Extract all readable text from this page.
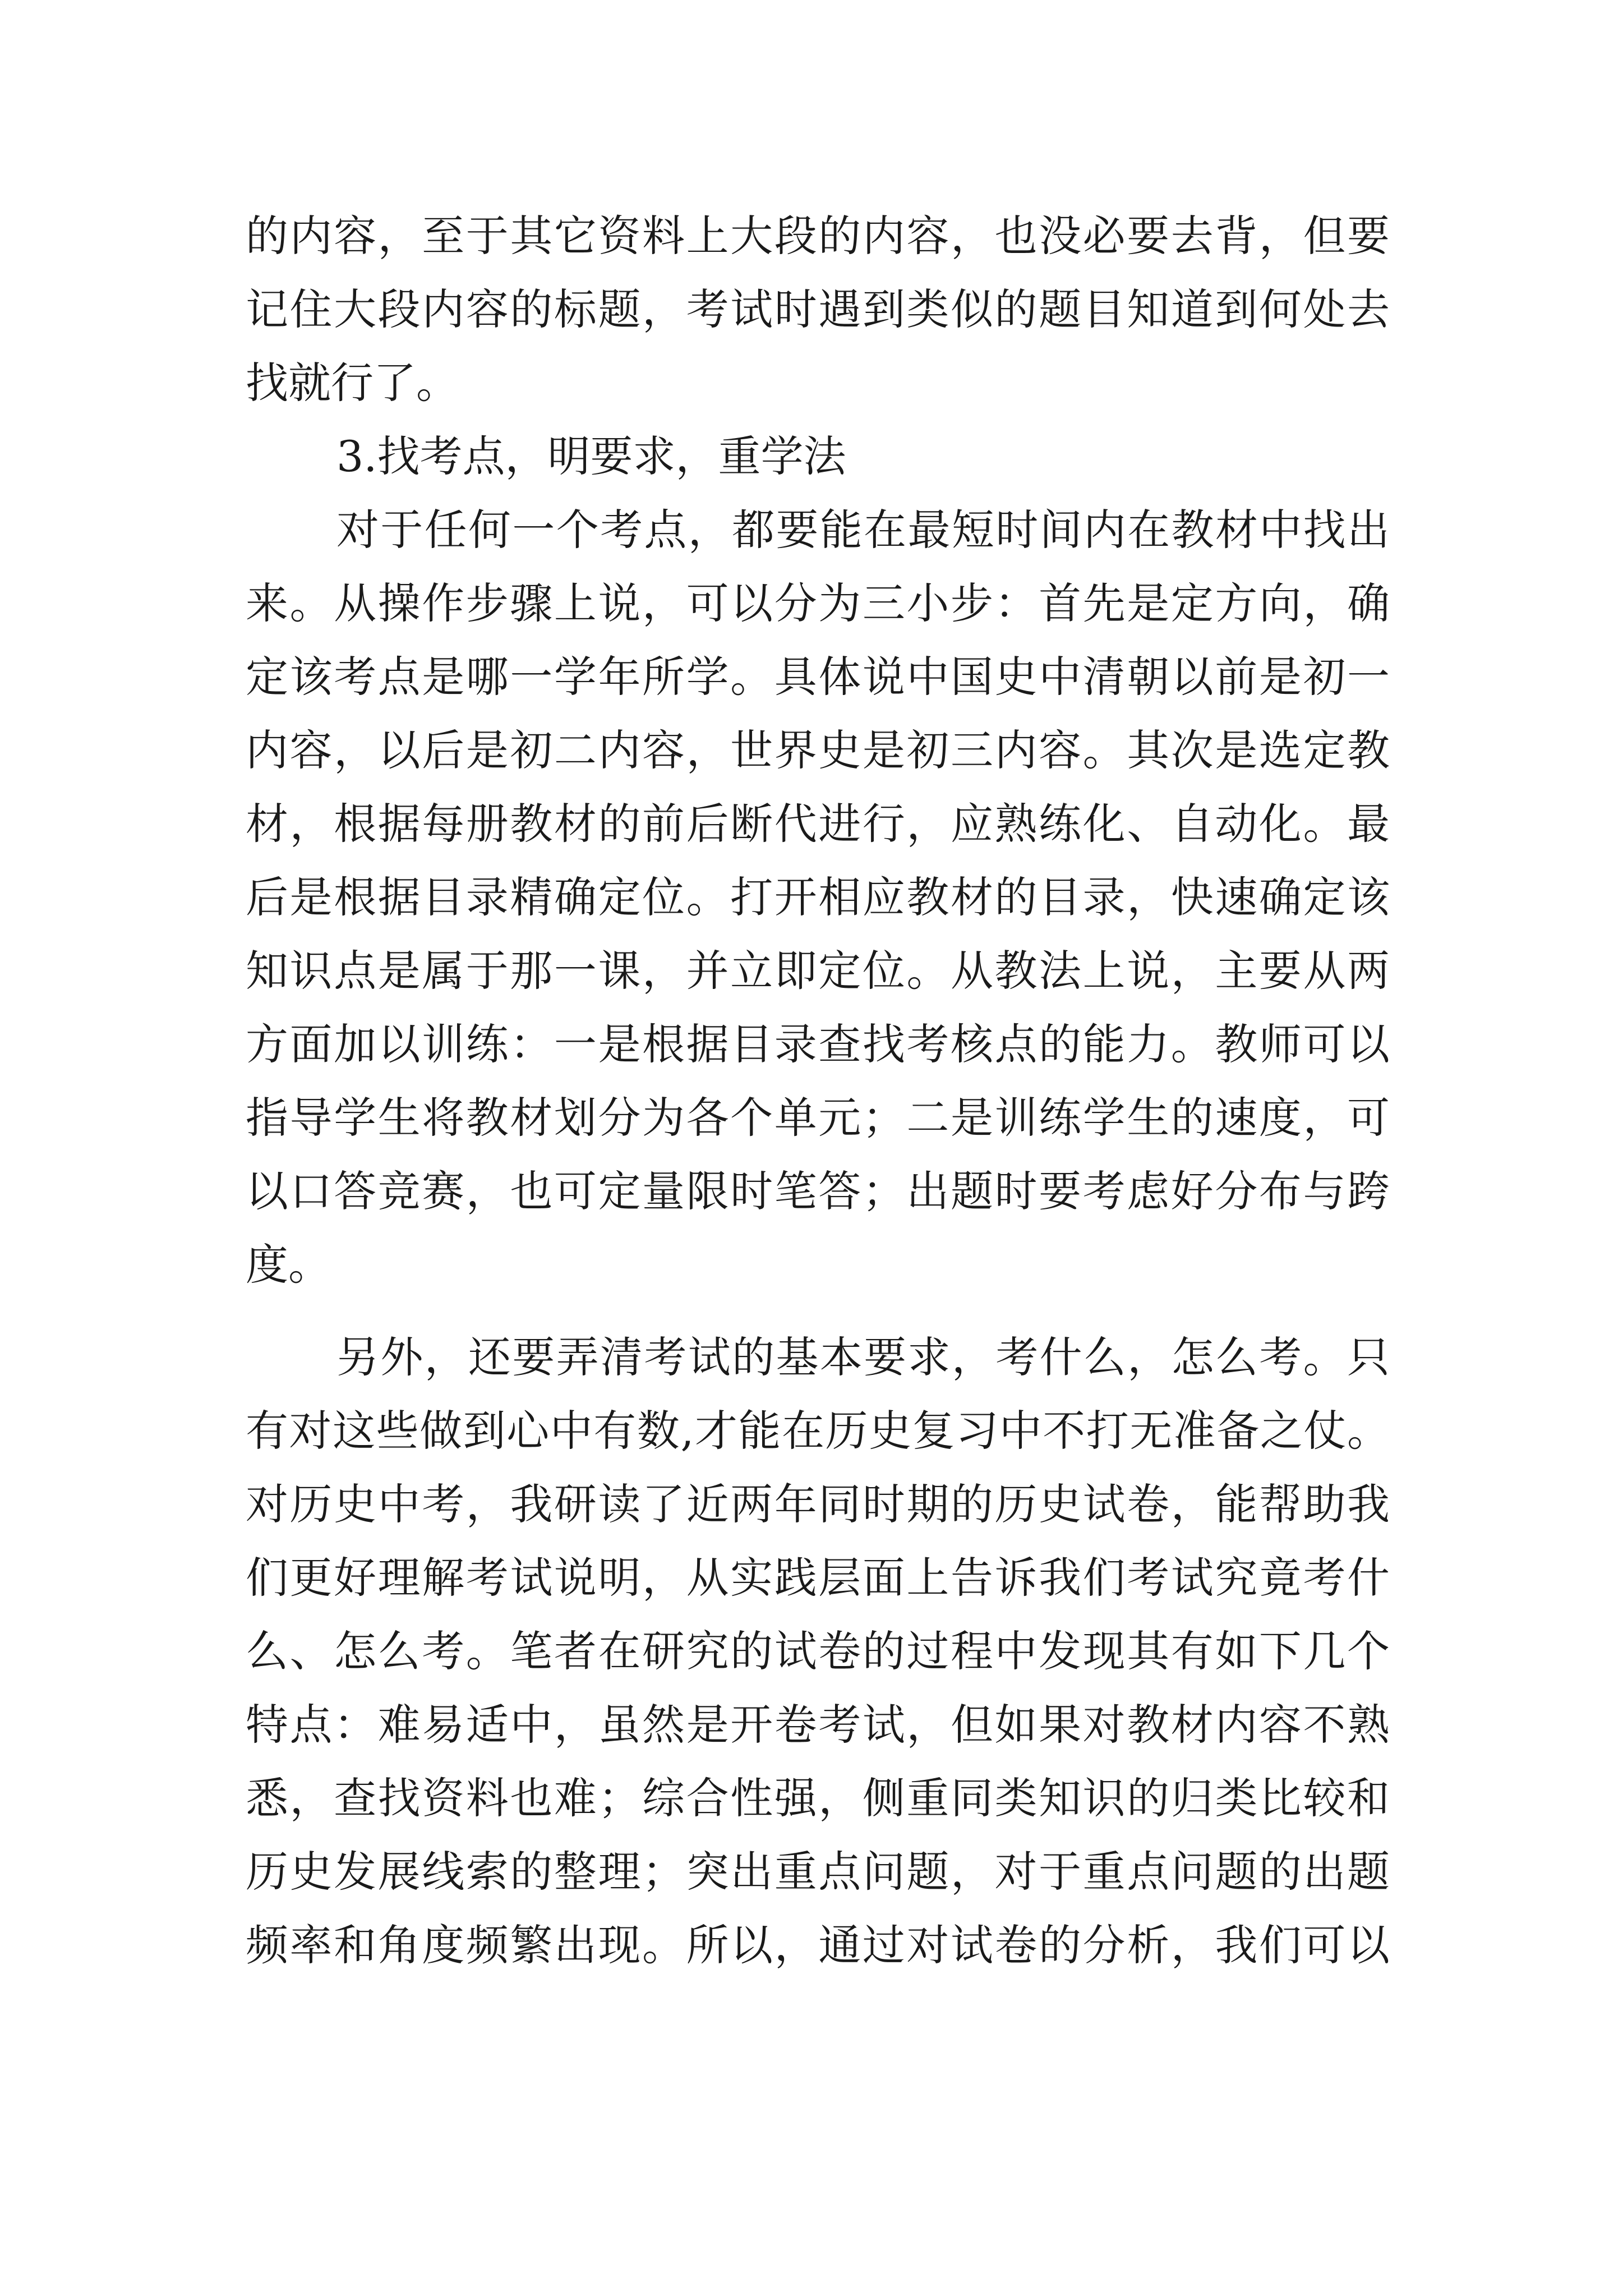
的内容，至于其它资料上大段的内容，也没必要去背，但要
记住大段内容的标题，考试时遇到类似的题目知道到何处去
找就行了。
3.找考点，明要求，重学法
对于任何一个考点，都要能在最短时间内在教材中找出
来。从操作步骤上说，可以分为三小步：首先是定方向，确
定该考点是哪一学年所学。具体说中国史中清朝以前是初一
内容，以后是初二内容，世界史是初三内容。其次是选定教
材，根据每册教材的前后断代进行，应熟练化、自动化。最
后是根据目录精确定位。打开相应教材的目录，快速确定该
知识点是属于那一课，并立即定位。从教法上说，主要从两
方面加以训练：一是根据目录查找考核点的能力。教师可以
指导学生将教材划分为各个单元；二是训练学生的速度，可
以口答竞赛，也可定量限时笔答；出题时要考虑好分布与跨
度。
另外，还要弄清考试的基本要求，考什么，怎么考。只
有对这些做到心中有数,才能在历史复习中不打无准备之仗。
对历史中考，我研读了近两年同时期的历史试卷，能帮助我
们更好理解考试说明，从实践层面上告诉我们考试究竟考什
么、怎么考。笔者在研究的试卷的过程中发现其有如下几个
特点：难易适中，虽然是开卷考试，但如果对教材内容不熟
悉，查找资料也难；综合性强，侧重同类知识的归类比较和
历史发展线索的整理；突出重点问题，对于重点问题的出题
频率和角度频繁出现。所以，通过对试卷的分析，我们可以
